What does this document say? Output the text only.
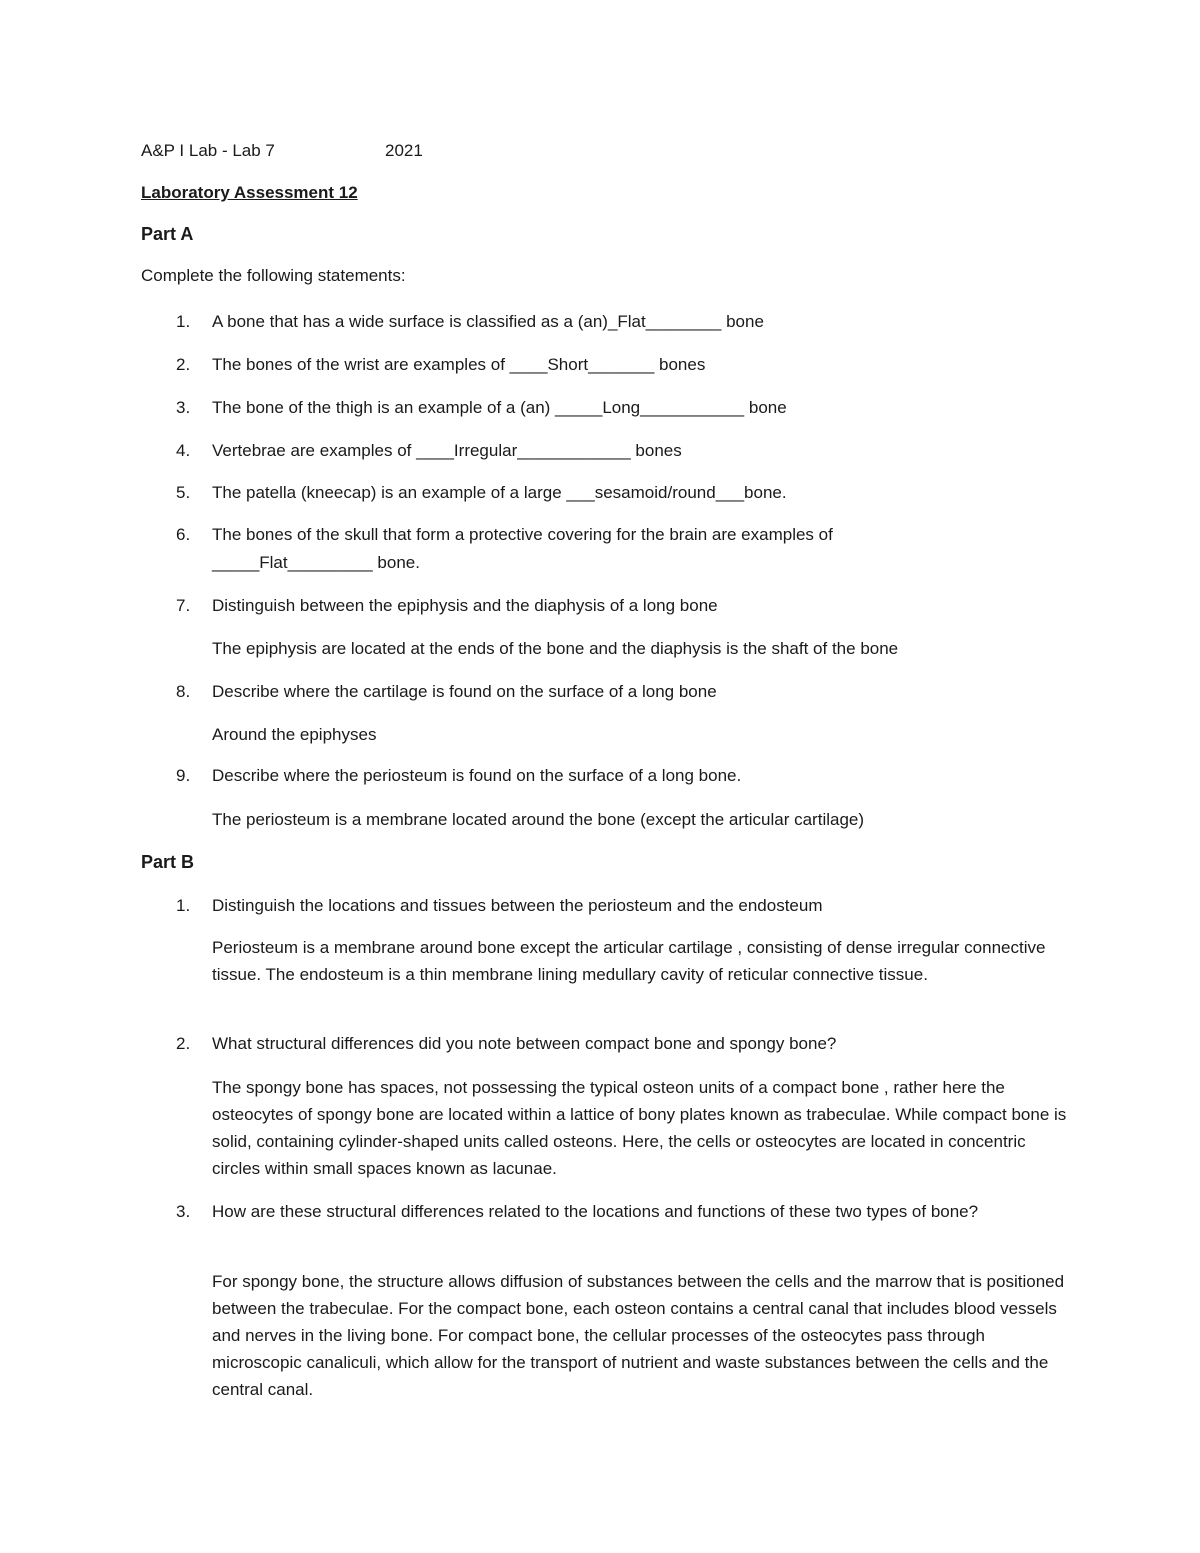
A&P I Lab - Lab 7	2021
Laboratory Assessment 12
Part A
Complete the following statements:
1. A bone that has a wide surface is classified as a (an)_Flat________ bone
2. The bones of the wrist are examples of ____Short_______ bones
3. The bone of the thigh is an example of a (an) _____Long___________ bone
4. Vertebrae are examples of ____Irregular____________ bones
5. The patella (kneecap) is an example of a large ___sesamoid/round___bone.
6. The bones of the skull that form a protective covering for the brain are examples of
_____Flat_________ bone.
7. Distinguish between the epiphysis and the diaphysis of a long bone
The epiphysis are located at the ends of the bone and the diaphysis is the shaft of the bone
8. Describe where the cartilage is found on the surface of a long bone
Around the epiphyses
9. Describe where the periosteum is found on the surface of a long bone.
The periosteum is a membrane located around the bone (except the articular cartilage)
Part B
1. Distinguish the locations and tissues between the periosteum and the endosteum
Periosteum is a membrane around bone except the articular cartilage , consisting of dense irregular connective tissue. The endosteum is a thin membrane lining medullary cavity of reticular connective tissue.
2. What structural differences did you note between compact bone and spongy bone?
The spongy bone has spaces, not possessing the typical osteon units of a compact bone , rather here the osteocytes of spongy bone are located within a lattice of bony plates known as trabeculae. While compact bone is solid, containing cylinder-shaped units called osteons. Here, the cells or osteocytes are located in concentric circles within small spaces known as lacunae.
3. How are these structural differences related to the locations and functions of these two types of bone?
For spongy bone, the structure allows diffusion of substances between the cells and the marrow that is positioned between the trabeculae. For the compact bone, each osteon contains a central canal that includes blood vessels and nerves in the living bone. For compact bone, the cellular processes of the osteocytes pass through microscopic canaliculi, which allow for the transport of nutrient and waste substances between the cells and the central canal.
